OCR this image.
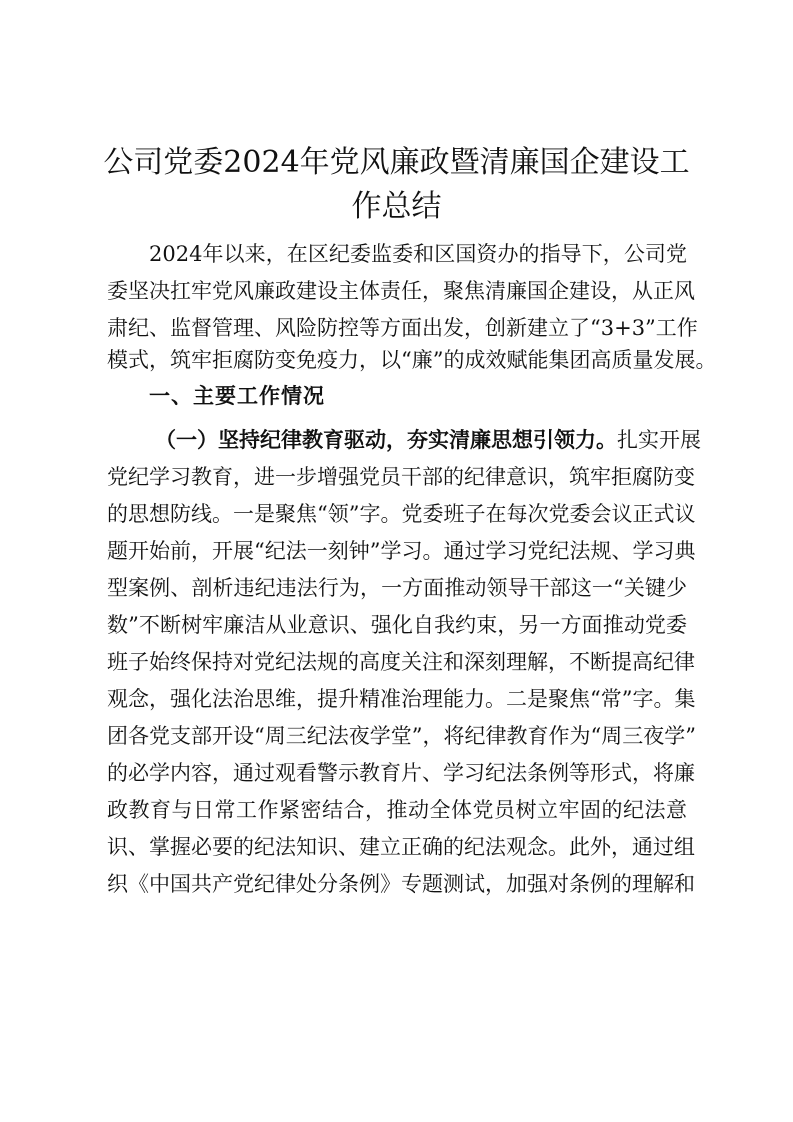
公司党委2024年党风廉政暨清廉国企建设工
作总结

2024年以来，在区纪委监委和区国资办的指导下，公司党

委坚决扛牢党风廉政建设主体责任，聚焦清廉国企建设，从正风

肃纪、监督管理、风险防控等方面出发，创新建立了“3+3”工作

模式，筑牢拒腐防变免疫力，以“廉”的成效赋能集团高质量发展。

一、主要工作情况

（一）坚持纪律教育驱动，夯实清廉思想引领力。扎实开展

党纪学习教育，进一步增强党员干部的纪律意识，筑牢拒腐防变

的思想防线。一是聚焦“领”字。党委班子在每次党委会议正式议

题开始前，开展“纪法一刻钟”学习。通过学习党纪法规、学习典

型案例、剖析违纪违法行为，一方面推动领导干部这一“关键少

数”不断树牢廉洁从业意识、强化自我约束，另一方面推动党委

班子始终保持对党纪法规的高度关注和深刻理解，不断提高纪律

观念，强化法治思维，提升精准治理能力。二是聚焦“常”字。集

团各党支部开设“周三纪法夜学堂”，将纪律教育作为“周三夜学”

的必学内容，通过观看警示教育片、学习纪法条例等形式，将廉

政教育与日常工作紧密结合，推动全体党员树立牢固的纪法意

识、掌握必要的纪法知识、建立正确的纪法观念。此外，通过组

织《中国共产党纪律处分条例》专题测试，加强对条例的理解和
